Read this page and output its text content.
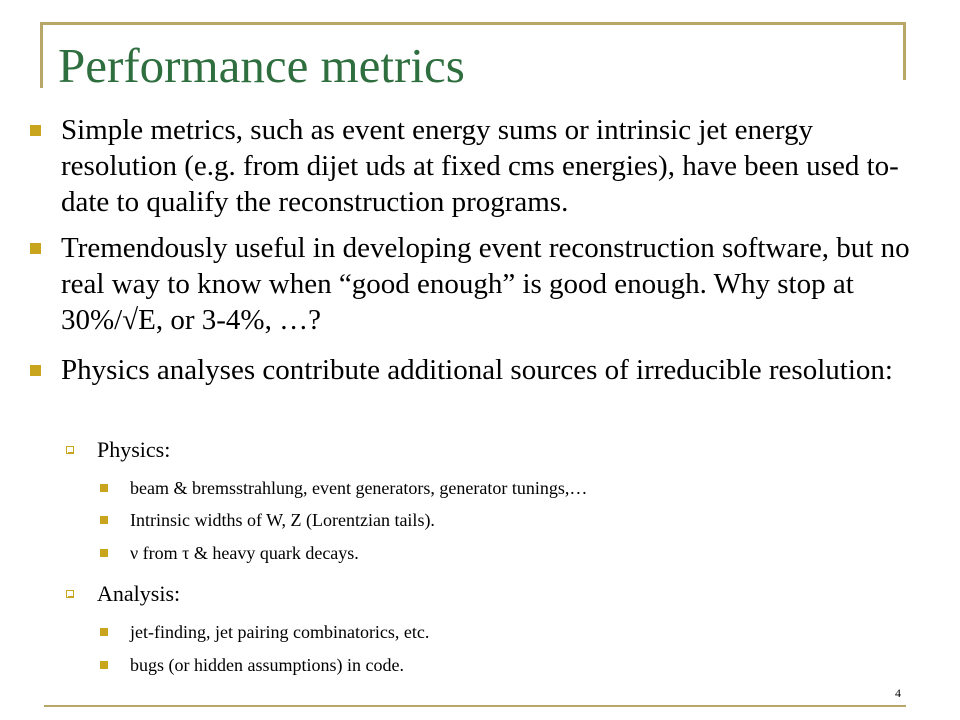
Performance metrics
Simple metrics, such as event energy sums or intrinsic jet energy resolution (e.g. from dijet uds at fixed cms energies), have been used to-date to qualify the reconstruction programs.
Tremendously useful in developing event reconstruction software, but no real way to know when “good enough” is good enough. Why stop at 30%/√E, or 3-4%, …?
Physics analyses contribute additional sources of irreducible resolution:
Physics:
beam & bremsstrahlung, event generators, generator tunings,…
Intrinsic widths of W, Z (Lorentzian tails).
ν from τ & heavy quark decays.
Analysis:
jet-finding, jet pairing combinatorics, etc.
bugs (or hidden assumptions) in code.
4
